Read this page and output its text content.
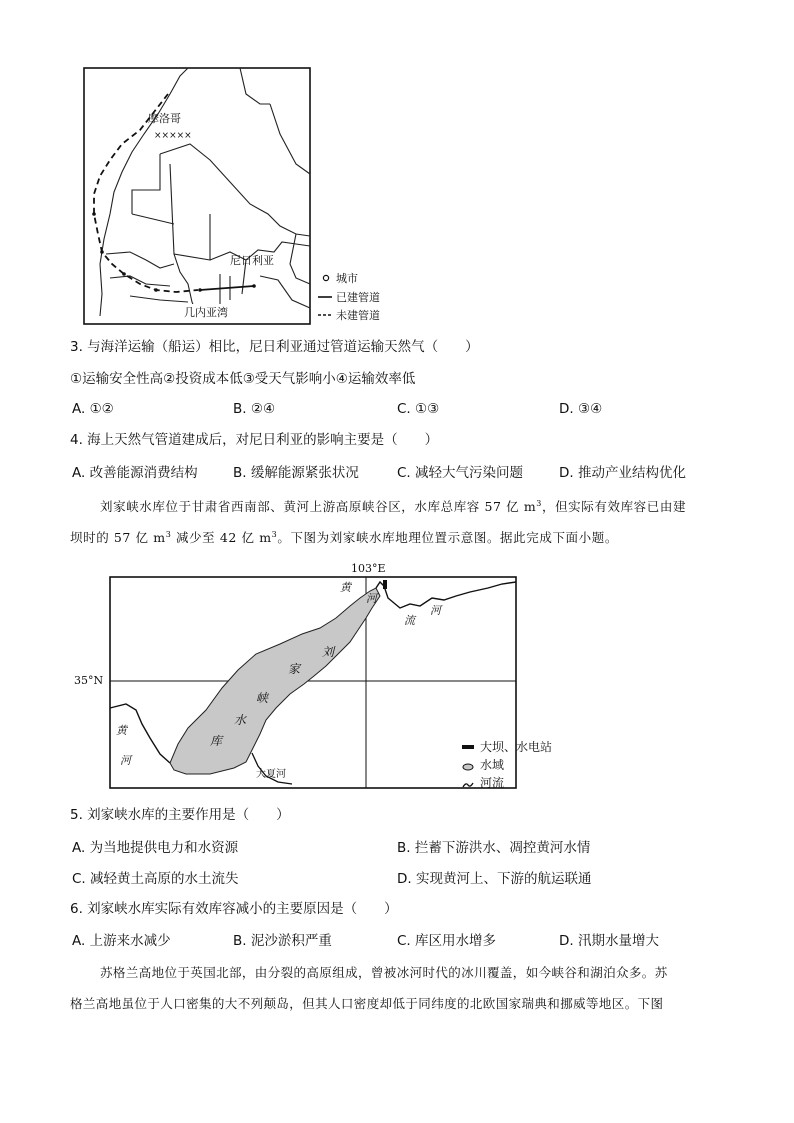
×××××
摩洛哥
尼日利亚
几内亚湾
城市
已建管道
未建管道
3. 与海洋运输（船运）相比，尼日利亚通过管道运输天然气（　　）
①运输安全性高②投资成本低③受天气影响小④运输效率低
A. ①②	B. ②④	C. ①③	D. ③④
4. 海上天然气管道建成后，对尼日利亚的影响主要是（　　）
A. 改善能源消费结构	B. 缓解能源紧张状况	C. 减轻大气污染问题	D. 推动产业结构优化
刘家峡水库位于甘肃省西南部、黄河上游高原峡谷区，水库总库容 57 亿 $m^3$，但实际有效库容已由建
坝时的 57 亿 $m^3$ 减少至 42 亿 $m^3$。下图为刘家峡水库地理位置示意图。据此完成下面小题。
103°E
35°N
黄
河
流
河
刘
家
峡
水
库
黄
河
大夏河
大坝、水电站
水域
河流
5. 刘家峡水库的主要作用是（　　）
A. 为当地提供电力和水资源	B. 拦蓄下游洪水、凋控黄河水情
C. 减轻黄土高原的水土流失	D. 实现黄河上、下游的航运联通
6. 刘家峡水库实际有效库容减小的主要原因是（　　）
A. 上游来水减少	B. 泥沙淤积严重	C. 库区用水增多	D. 汛期水量增大
苏格兰高地位于英国北部，由分裂的高原组成，曾被冰河时代的冰川覆盖，如今峡谷和湖泊众多。苏
格兰高地虽位于人口密集的大不列颠岛，但其人口密度却低于同纬度的北欧国家瑞典和挪威等地区。下图
